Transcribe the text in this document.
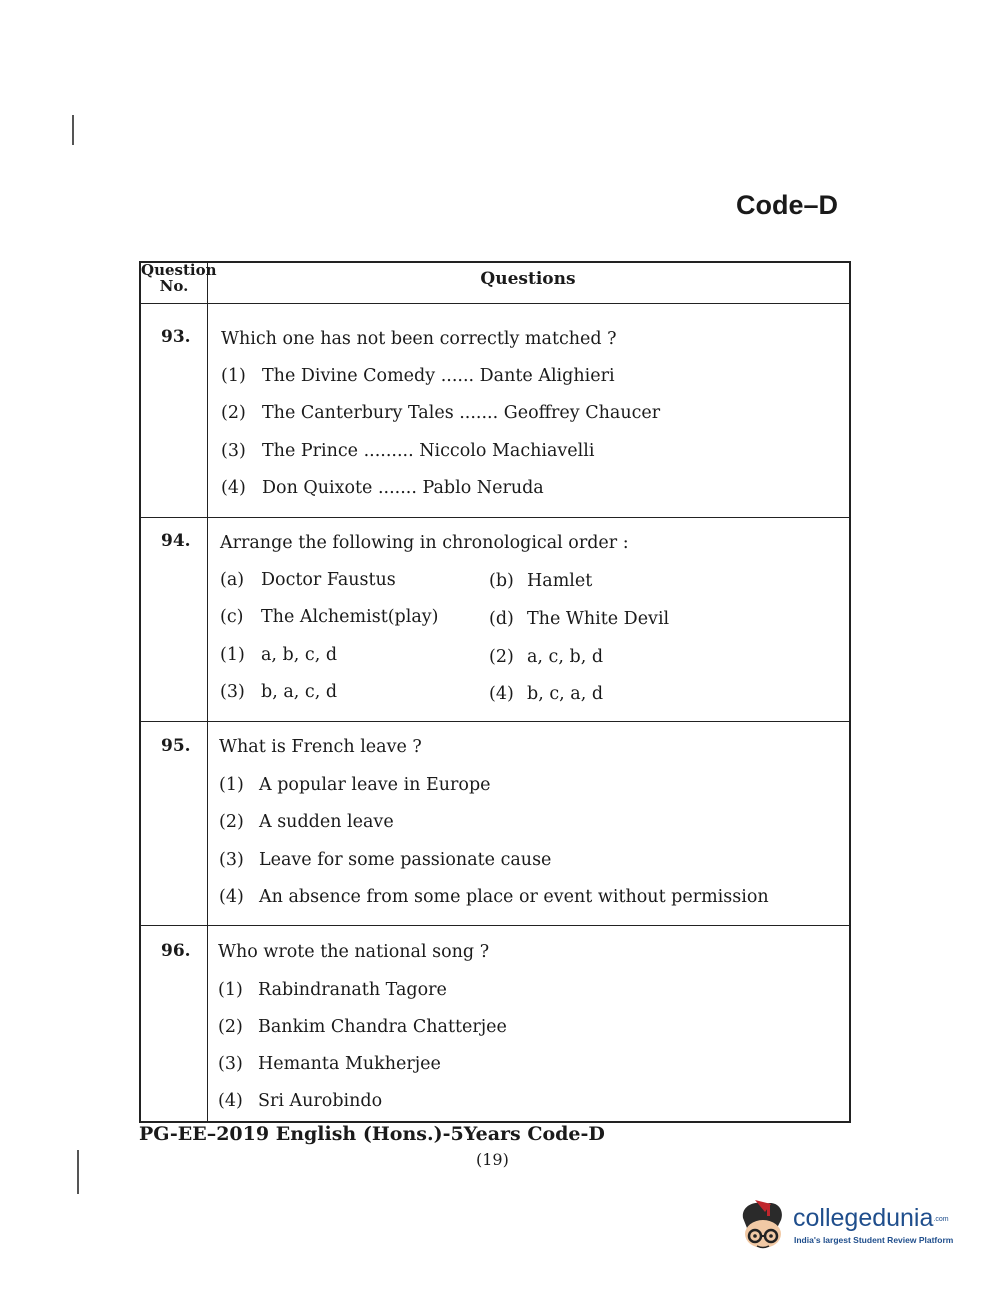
Code–D
Question No.	Questions
93. Which one has not been correctly matched ?
(1) The Divine Comedy ...... Dante Alighieri
(2) The Canterbury Tales ....... Geoffrey Chaucer
(3) The Prince ......... Niccolo Machiavelli
(4) Don Quixote ....... Pablo Neruda
94. Arrange the following in chronological order :
(a) Doctor Faustus	(b) Hamlet
(c) The Alchemist(play)	(d) The White Devil
(1) a, b, c, d	(2) a, c, b, d
(3) b, a, c, d	(4) b, c, a, d
95. What is French leave ?
(1) A popular leave in Europe
(2) A sudden leave
(3) Leave for some passionate cause
(4) An absence from some place or event without permission
96. Who wrote the national song ?
(1) Rabindranath Tagore
(2) Bankim Chandra Chatterjee
(3) Hemanta Mukherjee
(4) Sri Aurobindo
PG-EE–2019 English (Hons.)-5Years Code-D
(19)
collegedunia.com
India's largest Student Review Platform
